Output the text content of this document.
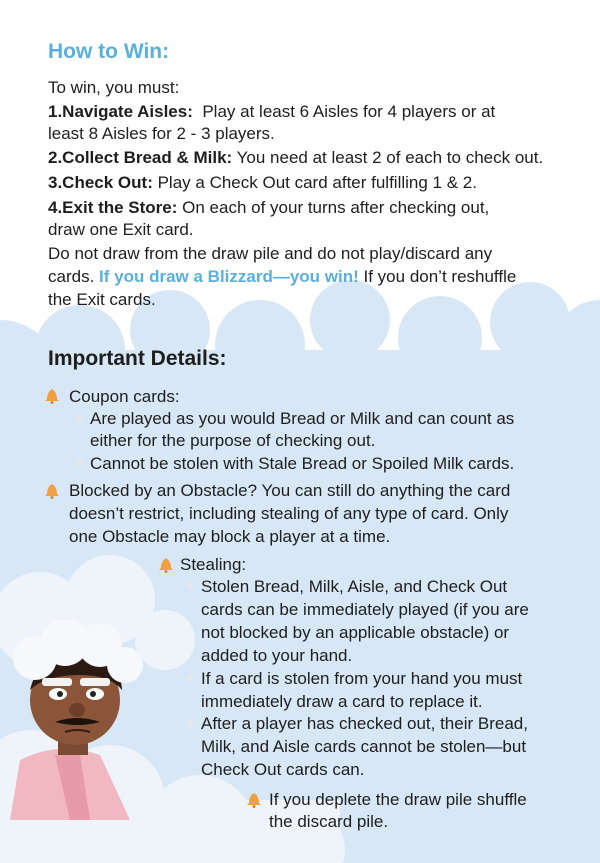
How to Win:
To win, you must:
1.Navigate Aisles: Play at least 6 Aisles for 4 players or at
least 8 Aisles for 2 - 3 players.
2.Collect Bread & Milk: You need at least 2 of each to check out.
3.Check Out: Play a Check Out card after fulfilling 1 & 2.
4.Exit the Store: On each of your turns after checking out,
draw one Exit card.
Do not draw from the draw pile and do not play/discard any
cards. If you draw a Blizzard—you win! If you don’t reshuffle
the Exit cards.
Important Details:
Coupon cards:
Are played as you would Bread or Milk and can count as
either for the purpose of checking out.
Cannot be stolen with Stale Bread or Spoiled Milk cards.
Blocked by an Obstacle? You can still do anything the card
doesn’t restrict, including stealing of any type of card. Only
one Obstacle may block a player at a time.
Stealing:
Stolen Bread, Milk, Aisle, and Check Out
cards can be immediately played (if you are
not blocked by an applicable obstacle) or
added to your hand.
If a card is stolen from your hand you must
immediately draw a card to replace it.
After a player has checked out, their Bread,
Milk, and Aisle cards cannot be stolen—but
Check Out cards can.
If you deplete the draw pile shuffle
the discard pile.
